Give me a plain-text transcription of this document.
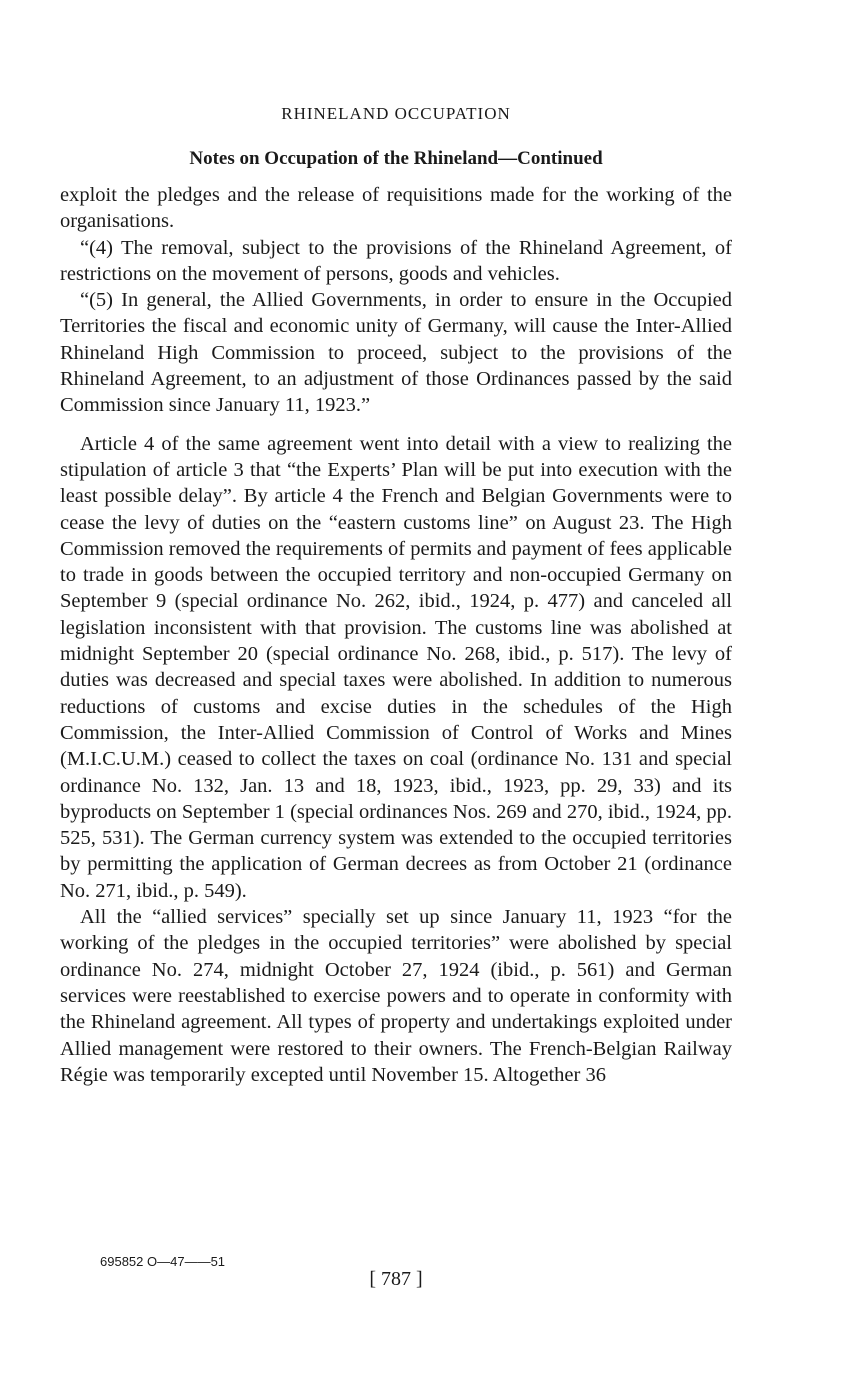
RHINELAND OCCUPATION
Notes on Occupation of the Rhineland—Continued

exploit the pledges and the release of requisitions made for the working of the organisations.

“(4) The removal, subject to the provisions of the Rhineland Agreement, of restrictions on the movement of persons, goods and vehicles.

“(5) In general, the Allied Governments, in order to ensure in the Occupied Territories the fiscal and economic unity of Germany, will cause the Inter-Allied Rhineland High Commission to proceed, subject to the provisions of the Rhineland Agreement, to an adjustment of those Ordinances passed by the said Commission since January 11, 1923.”

Article 4 of the same agreement went into detail with a view to realizing the stipulation of article 3 that “the Experts’ Plan will be put into execution with the least possible delay”. By article 4 the French and Belgian Governments were to cease the levy of duties on the “eastern customs line” on August 23. The High Commission removed the requirements of permits and payment of fees applicable to trade in goods between the occupied territory and non-occupied Germany on September 9 (special ordinance No. 262, ibid., 1924, p. 477) and canceled all legislation inconsistent with that provision. The customs line was abolished at midnight September 20 (special ordinance No. 268, ibid., p. 517). The levy of duties was decreased and special taxes were abolished. In addition to numerous reductions of customs and excise duties in the schedules of the High Commission, the Inter-Allied Commission of Control of Works and Mines (M.I.C.U.M.) ceased to collect the taxes on coal (ordinance No. 131 and special ordinance No. 132, Jan. 13 and 18, 1923, ibid., 1923, pp. 29, 33) and its byproducts on September 1 (special ordinances Nos. 269 and 270, ibid., 1924, pp. 525, 531). The German currency system was extended to the occupied territories by permitting the application of German decrees as from October 21 (ordinance No. 271, ibid., p. 549).

All the “allied services” specially set up since January 11, 1923 “for the working of the pledges in the occupied territories” were abolished by special ordinance No. 274, midnight October 27, 1924 (ibid., p. 561) and German services were reestablished to exercise powers and to operate in conformity with the Rhineland agreement. All types of property and undertakings exploited under Allied management were restored to their owners. The French-Belgian Railway Régie was temporarily excepted until November 15. Altogether 36

695852 O—47——51
[ 787 ]
